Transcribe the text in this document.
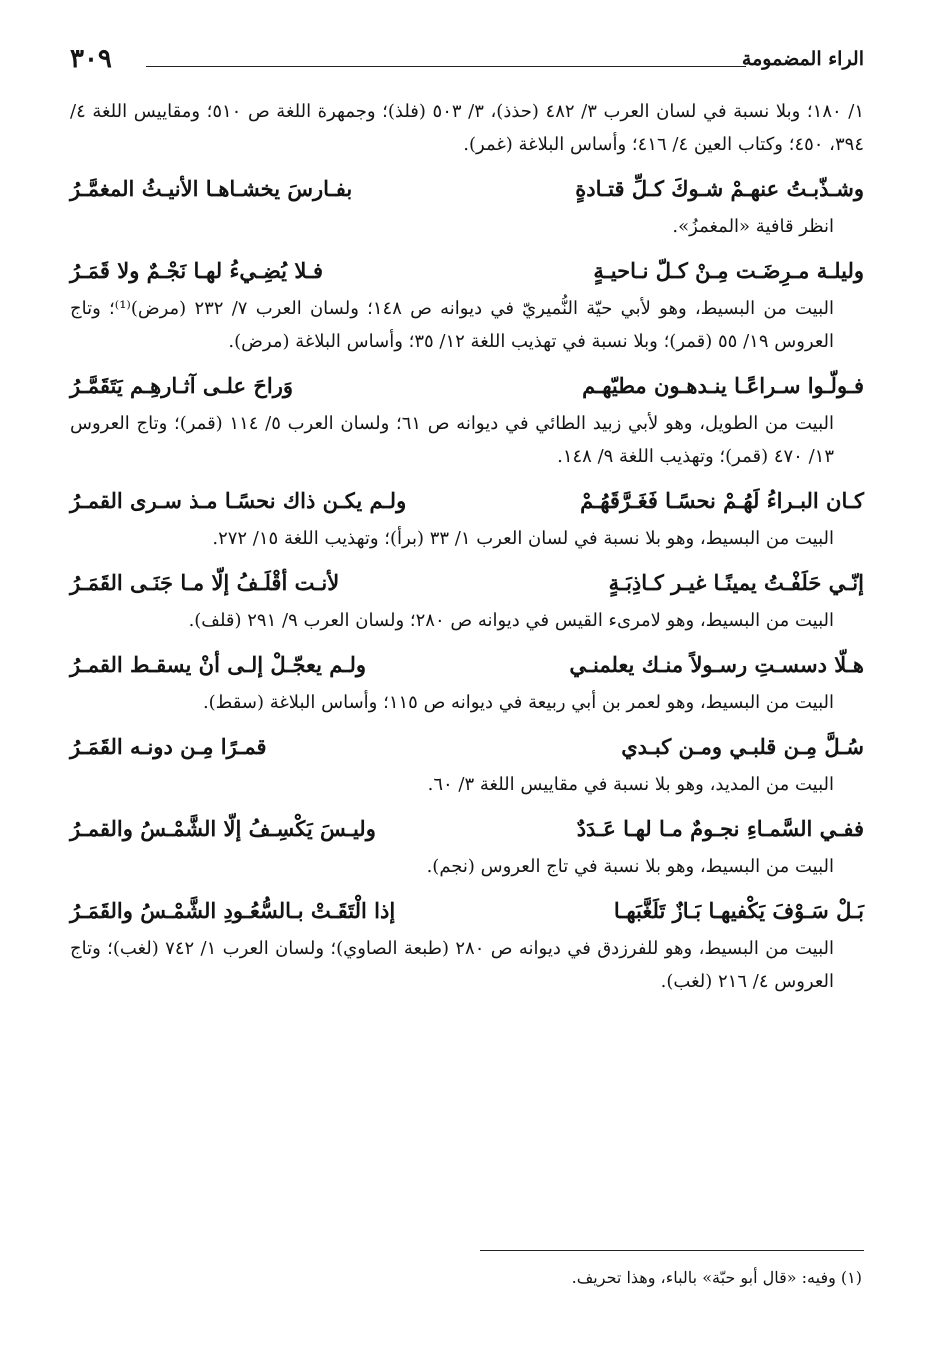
الراء المضمومة
٣٠٩

١/ ١٨٠؛ وبلا نسبة في لسان العرب ٣/ ٤٨٢ (حذذ)، ٣/ ٥٠٣ (فلذ)؛ وجمهرة اللغة ص ٥١٠؛ ومقاييس اللغة ٤/ ٣٩٤، ٤٥٠؛ وكتاب العين ٤/ ٤١٦؛ وأساس البلاغة (غمر).

وشـذّبـتُ عنهـمْ شـوكَ كـلِّ قتـادةٍ
بفـارسَ يخشـاهـا الأنيـثُ المغمَّـرُ

انظر قافية «المغمزُ».

وليلـة مـرِضَـت مِـنْ كـلّ نـاحيـةٍ
فـلا يُضِـيءُ لهـا نَجْـمٌ ولا قَمَـرُ

البيت من البسيط، وهو لأبي حيّة النُّميريّ في ديوانه ص ١٤٨؛ ولسان العرب ٧/ ٢٣٢ (مرض)⁽¹⁾؛ وتاج العروس ١٩/ ٥٥ (قمر)؛ وبلا نسبة في تهذيب اللغة ١٢/ ٣٥؛ وأساس البلاغة (مرض).

فـولّـوا سـراعًـا ينـدهـون مطيّهـم
وَراحَ علـى آثـارهِـم يَتَقَمَّـرُ

البيت من الطويل، وهو لأبي زبيد الطائي في ديوانه ص ٦١؛ ولسان العرب ٥/ ١١٤ (قمر)؛ وتاج العروس ١٣/ ٤٧٠ (قمر)؛ وتهذيب اللغة ٩/ ١٤٨.

كـان البـراءُ لَهُـمْ نحسًـا فَغَـرَّقَهُـمْ
ولـم يكـن ذاك نحسًـا مـذ سـرى القمـرُ

البيت من البسيط، وهو بلا نسبة في لسان العرب ١/ ٣٣ (برأ)؛ وتهذيب اللغة ١٥/ ٢٧٢.

إنّـي حَلَفْـتُ يمينًـا غيـر كـاذِبَـةٍ
لأنـت أقْلَـفُ إلّا مـا جَنَـى القَمَـرُ

البيت من البسيط، وهو لامرىء القيس في ديوانه ص ٢٨٠؛ ولسان العرب ٩/ ٢٩١ (قلف).

هـلّا دسسـتِ رسـولاً منـك يعلمنـي
ولـم يعجّـلْ إلـى أنْ يسقـط القمـرُ

البيت من البسيط، وهو لعمر بن أبي ربيعة في ديوانه ص ١١٥؛ وأساس البلاغة (سقط).

سُـلَّ مِـن قلبـي ومـن كبـدي
قمـرًا مِـن دونـه القَمَـرُ

البيت من المديد، وهو بلا نسبة في مقاييس اللغة ٣/ ٦٠.

ففـي السَّمـاءِ نجـومٌ مـا لهـا عَـدَدٌ
وليـسَ يَكْسِـفُ إلّا الشَّمْـسُ والقمـرُ

البيت من البسيط، وهو بلا نسبة في تاج العروس (نجم).

بَـلْ سَـوْفَ يَكْفيهـا بَـازٌ تَلَغَّبَهـا
إذا الْتَقَـتْ بـالسُّعُـودِ الشَّمْـسُ والقَمَـرُ

البيت من البسيط، وهو للفرزدق في ديوانه ص ٢٨٠ (طبعة الصاوي)؛ ولسان العرب ١/ ٧٤٢ (لغب)؛ وتاج العروس ٤/ ٢١٦ (لغب).

(١) وفيه: «قال أبو حبّة» بالباء، وهذا تحريف.
